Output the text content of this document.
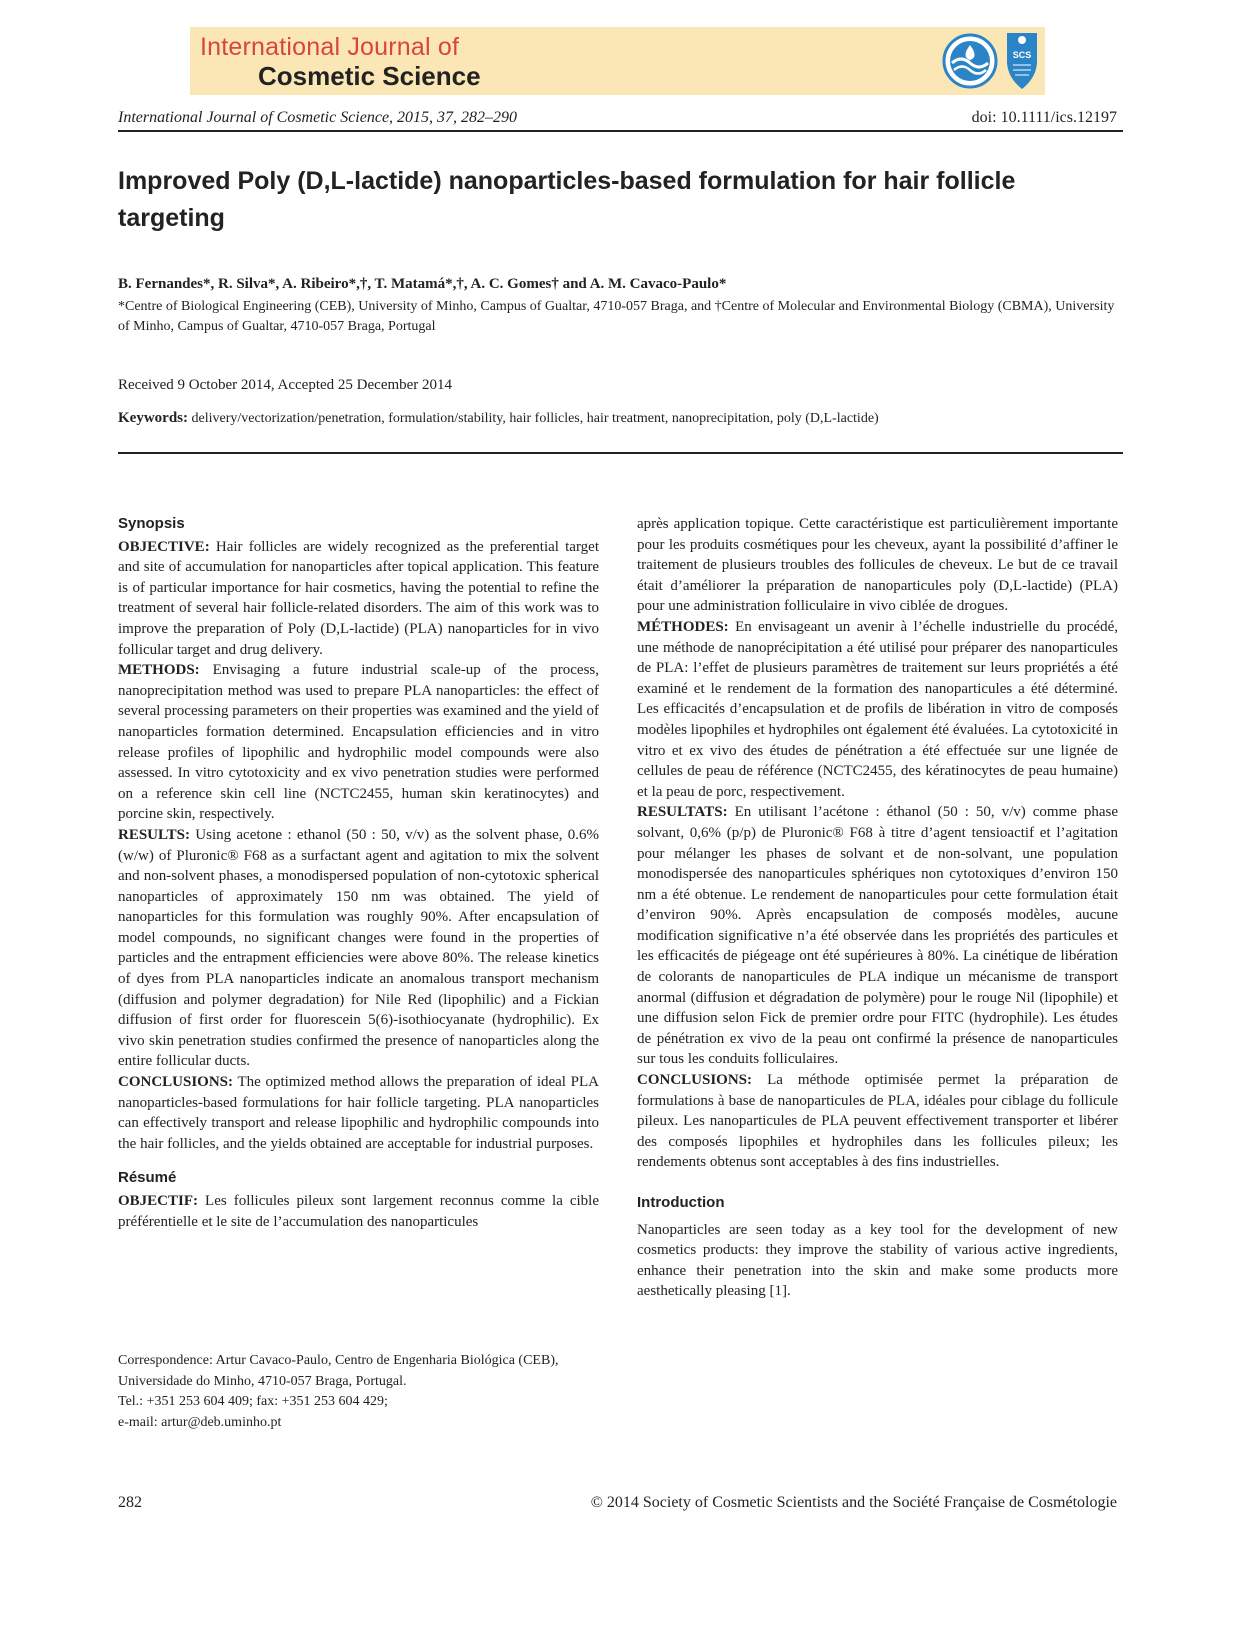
International Journal of
Cosmetic Science
SCS
International Journal of Cosmetic Science, 2015, 37, 282–290	doi: 10.1111/ics.12197
Improved Poly (D,L-lactide) nanoparticles-based formulation for hair follicle targeting
B. Fernandes*, R. Silva*, A. Ribeiro*,†, T. Matamá*,†, A. C. Gomes† and A. M. Cavaco-Paulo*
*Centre of Biological Engineering (CEB), University of Minho, Campus of Gualtar, 4710-057 Braga, and †Centre of Molecular and Environmental Biology (CBMA), University of Minho, Campus of Gualtar, 4710-057 Braga, Portugal
Received 9 October 2014, Accepted 25 December 2014
Keywords: delivery/vectorization/penetration, formulation/stability, hair follicles, hair treatment, nanoprecipitation, poly (D,L-lactide)
Synopsis

OBJECTIVE: Hair follicles are widely recognized as the preferential target and site of accumulation for nanoparticles after topical application. This feature is of particular importance for hair cosmetics, having the potential to refine the treatment of several hair follicle-related disorders. The aim of this work was to improve the preparation of Poly (D,L-lactide) (PLA) nanoparticles for in vivo follicular target and drug delivery.

METHODS: Envisaging a future industrial scale-up of the process, nanoprecipitation method was used to prepare PLA nanoparticles: the effect of several processing parameters on their properties was examined and the yield of nanoparticles formation determined. Encapsulation efficiencies and in vitro release profiles of lipophilic and hydrophilic model compounds were also assessed. In vitro cytotoxicity and ex vivo penetration studies were performed on a reference skin cell line (NCTC2455, human skin keratinocytes) and porcine skin, respectively.

RESULTS: Using acetone : ethanol (50 : 50, v/v) as the solvent phase, 0.6% (w/w) of Pluronic® F68 as a surfactant agent and agitation to mix the solvent and non-solvent phases, a monodispersed population of non-cytotoxic spherical nanoparticles of approximately 150 nm was obtained. The yield of nanoparticles for this formulation was roughly 90%. After encapsulation of model compounds, no significant changes were found in the properties of particles and the entrapment efficiencies were above 80%. The release kinetics of dyes from PLA nanoparticles indicate an anomalous transport mechanism (diffusion and polymer degradation) for Nile Red (lipophilic) and a Fickian diffusion of first order for fluorescein 5(6)-isothiocyanate (hydrophilic). Ex vivo skin penetration studies confirmed the presence of nanoparticles along the entire follicular ducts.

CONCLUSIONS: The optimized method allows the preparation of ideal PLA nanoparticles-based formulations for hair follicle targeting. PLA nanoparticles can effectively transport and release lipophilic and hydrophilic compounds into the hair follicles, and the yields obtained are acceptable for industrial purposes.

Résumé

OBJECTIF: Les follicules pileux sont largement reconnus comme la cible préférentielle et le site de l’accumulation des nanoparticules

après application topique. Cette caractéristique est particulièrement importante pour les produits cosmétiques pour les cheveux, ayant la possibilité d’affiner le traitement de plusieurs troubles des follicules de cheveux. Le but de ce travail était d’améliorer la préparation de nanoparticules poly (D,L-lactide) (PLA) pour une administration folliculaire in vivo ciblée de drogues.

MÉTHODES: En envisageant un avenir à l’échelle industrielle du procédé, une méthode de nanoprécipitation a été utilisé pour préparer des nanoparticules de PLA: l’effet de plusieurs paramètres de traitement sur leurs propriétés a été examiné et le rendement de la formation des nanoparticules a été déterminé. Les efficacités d’encapsulation et de profils de libération in vitro de composés modèles lipophiles et hydrophiles ont également été évaluées. La cytotoxicité in vitro et ex vivo des études de pénétration a été effectuée sur une lignée de cellules de peau de référence (NCTC2455, des kératinocytes de peau humaine) et la peau de porc, respectivement.

RESULTATS: En utilisant l’acétone : éthanol (50 : 50, v/v) comme phase solvant, 0,6% (p/p) de Pluronic® F68 à titre d’agent tensioactif et l’agitation pour mélanger les phases de solvant et de non-solvant, une population monodispersée des nanoparticules sphériques non cytotoxiques d’environ 150 nm a été obtenue. Le rendement de nanoparticules pour cette formulation était d’environ 90%. Après encapsulation de composés modèles, aucune modification significative n’a été observée dans les propriétés des particules et les efficacités de piégeage ont été supérieures à 80%. La cinétique de libération de colorants de nanoparticules de PLA indique un mécanisme de transport anormal (diffusion et dégradation de polymère) pour le rouge Nil (lipophile) et une diffusion selon Fick de premier ordre pour FITC (hydrophile). Les études de pénétration ex vivo de la peau ont confirmé la présence de nanoparticules sur tous les conduits folliculaires.

CONCLUSIONS: La méthode optimisée permet la préparation de formulations à base de nanoparticules de PLA, idéales pour ciblage du follicule pileux. Les nanoparticules de PLA peuvent effectivement transporter et libérer des composés lipophiles et hydrophiles dans les follicules pileux; les rendements obtenus sont acceptables à des fins industrielles.

Introduction

Nanoparticles are seen today as a key tool for the development of new cosmetics products: they improve the stability of various active ingredients, enhance their penetration into the skin and make some products more aesthetically pleasing [1].

Correspondence: Artur Cavaco-Paulo, Centro de Engenharia Biológica (CEB), Universidade do Minho, 4710-057 Braga, Portugal.
Tel.: +351 253 604 409; fax: +351 253 604 429;
e-mail: artur@deb.uminho.pt
282	© 2014 Society of Cosmetic Scientists and the Société Française de Cosmétologie
